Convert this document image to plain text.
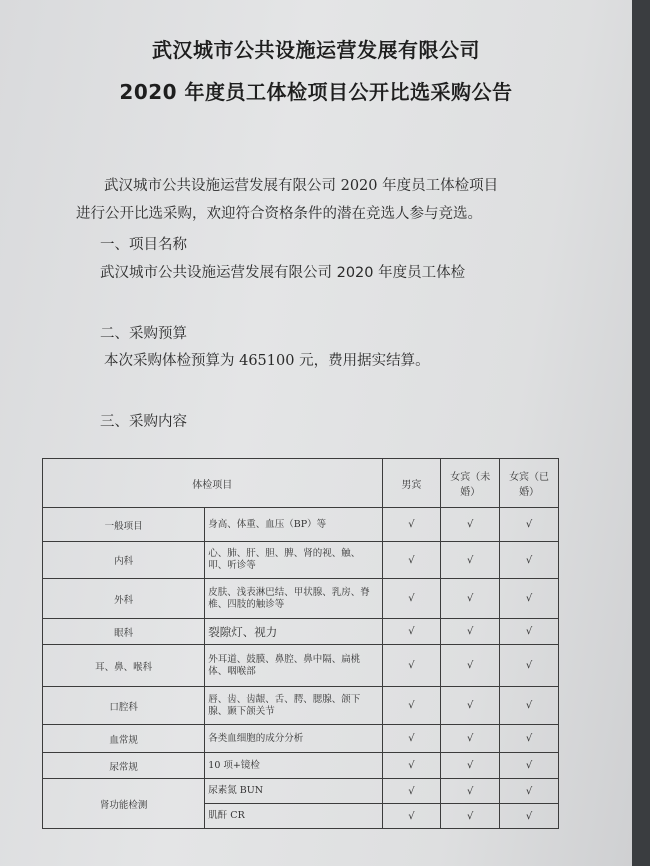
武汉城市公共设施运营发展有限公司
2020 年度员工体检项目公开比选采购公告
武汉城市公共设施运营发展有限公司 2020 年度员工体检项目
进行公开比选采购，欢迎符合资格条件的潜在竞选人参与竞选。
一、项目名称
武汉城市公共设施运营发展有限公司 2020 年度员工体检
二、采购预算
本次采购体检预算为 465100 元，费用据实结算。
三、采购内容
体检项目		男宾	女宾（未婚）	女宾（已婚）
一般项目	身高、体重、血压（BP）等	√	√	√
内科	心、肺、肝、胆、脾、肾的视、触、叩、听诊等	√	√	√
外科	皮肤、浅表淋巴结、甲状腺、乳房、脊椎、四肢的触诊等	√	√	√
眼科	裂隙灯、视力	√	√	√
耳、鼻、喉科	外耳道、鼓膜、鼻腔、鼻中隔、扁桃体、咽喉部	√	√	√
口腔科	唇、齿、齿龈、舌、腭、腮腺、颌下腺、颞下颌关节	√	√	√
血常规	各类血细胞的成分分析	√	√	√
尿常规	10 项+镜检	√	√	√
肾功能检测	尿素氮 BUN	√	√	√
	肌酐 CR	√	√	√
